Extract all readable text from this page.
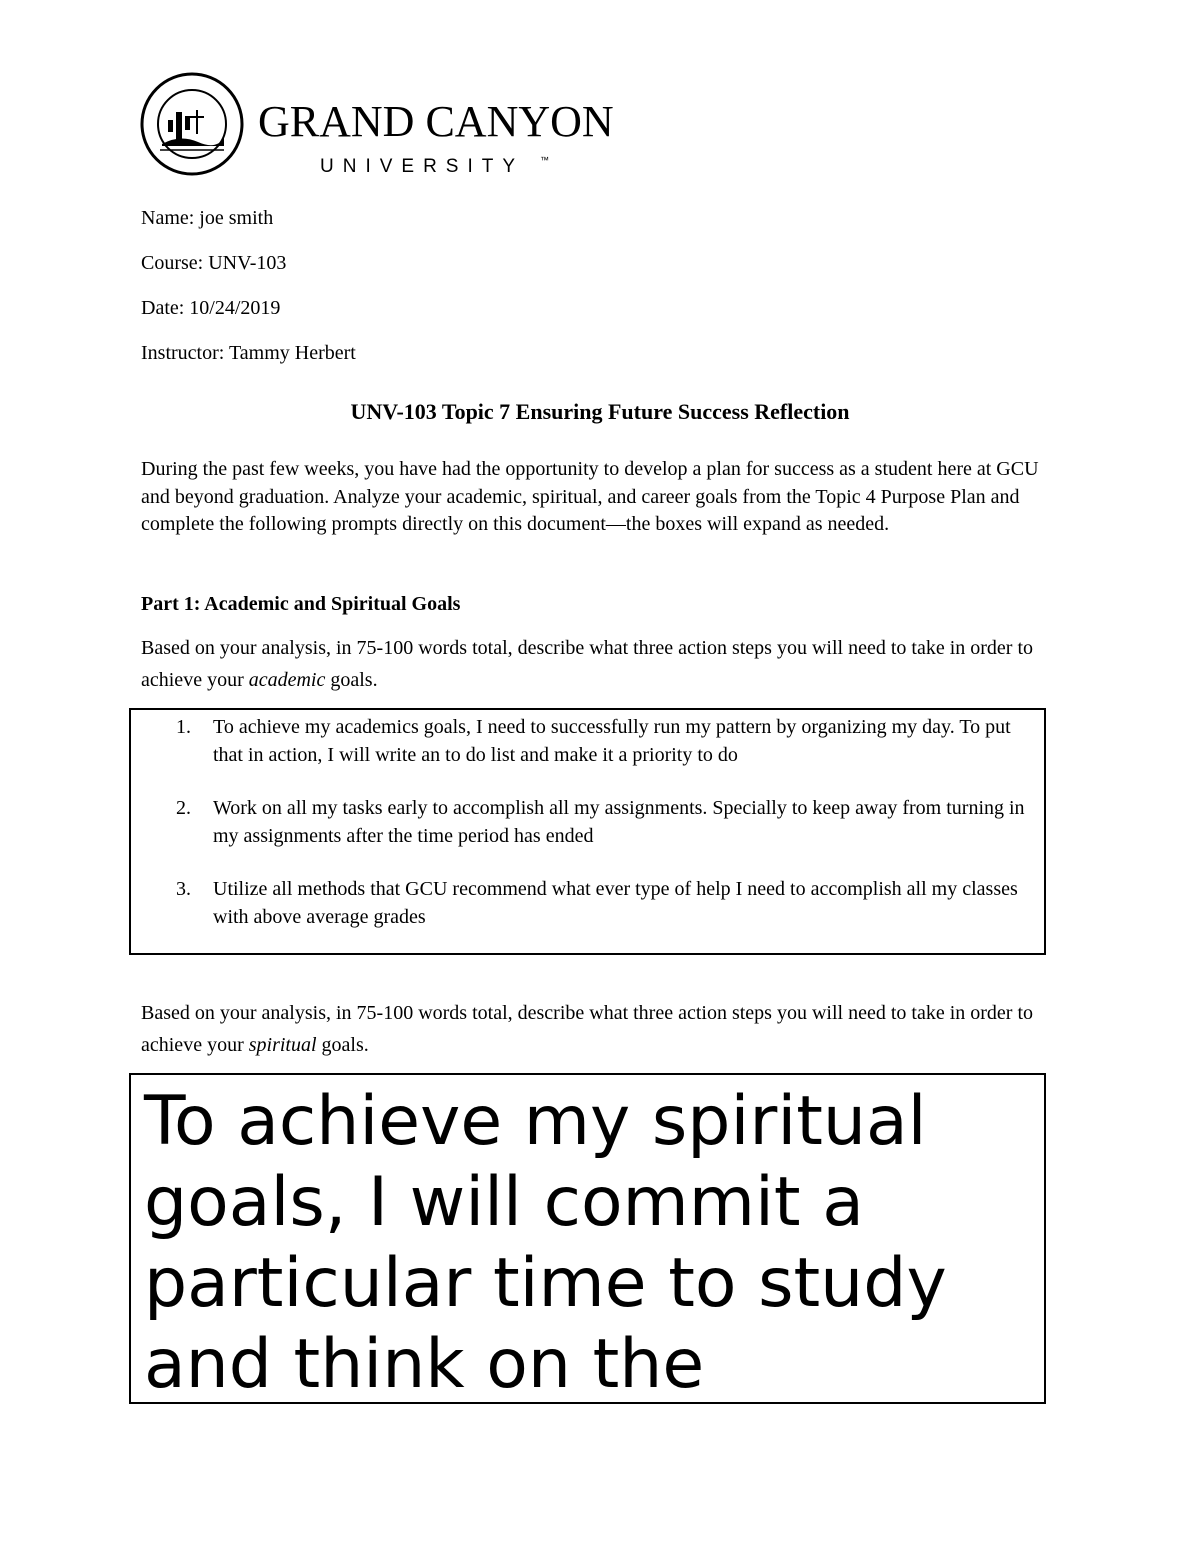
GRAND CANYON
UNIVERSITY ™
Name: joe smith
Course: UNV-103
Date: 10/24/2019
Instructor: Tammy Herbert
UNV-103 Topic 7 Ensuring Future Success Reflection
During the past few weeks, you have had the opportunity to develop a plan for success as a student here at GCU and beyond graduation. Analyze your academic, spiritual, and career goals from the Topic 4 Purpose Plan and complete the following prompts directly on this document—the boxes will expand as needed.
Part 1: Academic and Spiritual Goals
Based on your analysis, in 75-100 words total, describe what three action steps you will need to take in order to achieve your academic goals.
1. To achieve my academics goals, I need to successfully run my pattern by organizing my day. To put that in action, I will write an to do list and make it a priority to do
2. Work on all my tasks early to accomplish all my assignments. Specially to keep away from turning in my assignments after the time period has ended
3. Utilize all methods that GCU recommend what ever type of help I need to accomplish all my classes with above average grades
Based on your analysis, in 75-100 words total, describe what three action steps you will need to take in order to achieve your spiritual goals.
To achieve my spiritual goals, I will commit a particular time to study and think on the
